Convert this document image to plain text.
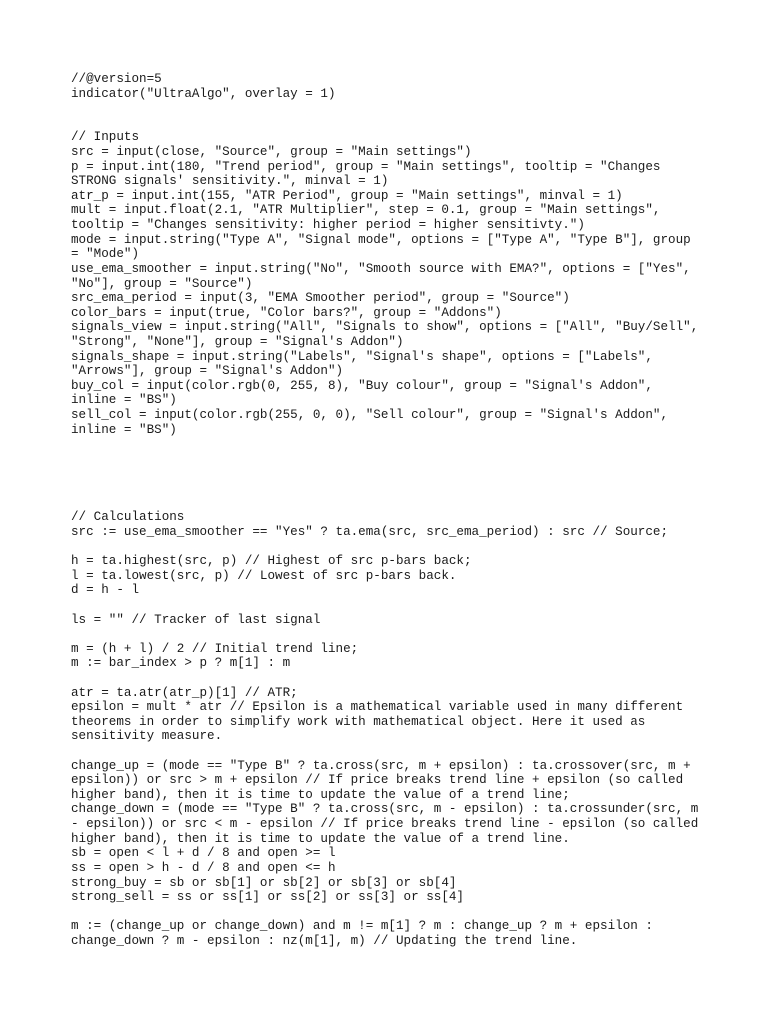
//@version=5
indicator("UltraAlgo", overlay = 1)
// Inputs
src = input(close, "Source", group = "Main settings")
p = input.int(180, "Trend period", group = "Main settings", tooltip = "Changes
STRONG signals' sensitivity.", minval = 1)
atr_p = input.int(155, "ATR Period", group = "Main settings", minval = 1)
mult = input.float(2.1, "ATR Multiplier", step = 0.1, group = "Main settings",
tooltip = "Changes sensitivity: higher period = higher sensitivty.")
mode = input.string("Type A", "Signal mode", options = ["Type A", "Type B"], group
= "Mode")
use_ema_smoother = input.string("No", "Smooth source with EMA?", options = ["Yes",
"No"], group = "Source")
src_ema_period = input(3, "EMA Smoother period", group = "Source")
color_bars = input(true, "Color bars?", group = "Addons")
signals_view = input.string("All", "Signals to show", options = ["All", "Buy/Sell",
"Strong", "None"], group = "Signal's Addon")
signals_shape = input.string("Labels", "Signal's shape", options = ["Labels",
"Arrows"], group = "Signal's Addon")
buy_col = input(color.rgb(0, 255, 8), "Buy colour", group = "Signal's Addon",
inline = "BS")
sell_col = input(color.rgb(255, 0, 0), "Sell colour", group = "Signal's Addon",
inline = "BS")
// Calculations
src := use_ema_smoother == "Yes" ? ta.ema(src, src_ema_period) : src // Source;
h = ta.highest(src, p) // Highest of src p-bars back;
l = ta.lowest(src, p) // Lowest of src p-bars back.
d = h - l
ls = "" // Tracker of last signal
m = (h + l) / 2 // Initial trend line;
m := bar_index > p ? m[1] : m
atr = ta.atr(atr_p)[1] // ATR;
epsilon = mult * atr // Epsilon is a mathematical variable used in many different
theorems in order to simplify work with mathematical object. Here it used as
sensitivity measure.
change_up = (mode == "Type B" ? ta.cross(src, m + epsilon) : ta.crossover(src, m +
epsilon)) or src > m + epsilon // If price breaks trend line + epsilon (so called
higher band), then it is time to update the value of a trend line;
change_down = (mode == "Type B" ? ta.cross(src, m - epsilon) : ta.crossunder(src, m
- epsilon)) or src < m - epsilon // If price breaks trend line - epsilon (so called
higher band), then it is time to update the value of a trend line.
sb = open < l + d / 8 and open >= l
ss = open > h - d / 8 and open <= h
strong_buy = sb or sb[1] or sb[2] or sb[3] or sb[4]
strong_sell = ss or ss[1] or ss[2] or ss[3] or ss[4]
m := (change_up or change_down) and m != m[1] ? m : change_up ? m + epsilon :
change_down ? m - epsilon : nz(m[1], m) // Updating the trend line.
